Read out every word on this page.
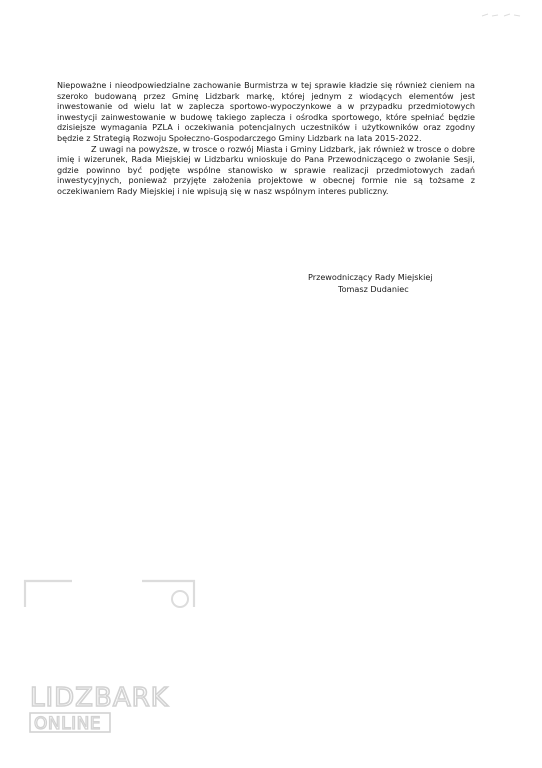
Niepoważne i nieodpowiedzialne zachowanie Burmistrza w tej sprawie kładzie się również cieniem na szeroko budowaną przez Gminę Lidzbark markę, której jednym z wiodących elementów jest inwestowanie od wielu lat w zaplecza sportowo-wypoczynkowe a w przypadku przedmiotowych inwestycji zainwestowanie w budowę takiego zaplecza i ośrodka sportowego, które spełniać będzie dzisiejsze wymagania PZLA i oczekiwania potencjalnych uczestników i użytkowników oraz zgodny będzie z Strategią Rozwoju Społeczno-Gospodarczego Gminy Lidzbark na lata 2015-2022.

Z uwagi na powyższe, w trosce o rozwój Miasta i Gminy Lidzbark, jak również w trosce o dobre imię i wizerunek, Rada Miejskiej w Lidzbarku wnioskuje do Pana Przewodniczącego o zwołanie Sesji, gdzie powinno być podjęte wspólne stanowisko w sprawie realizacji przedmiotowych zadań inwestycyjnych, ponieważ przyjęte założenia projektowe w obecnej formie nie są tożsame z oczekiwaniem Rady Miejskiej i nie wpisują się w nasz wspólnym interes publiczny.

Przewodniczący Rady Miejskiej
Tomasz Dudaniec
LIDZBARK
ONLINE
